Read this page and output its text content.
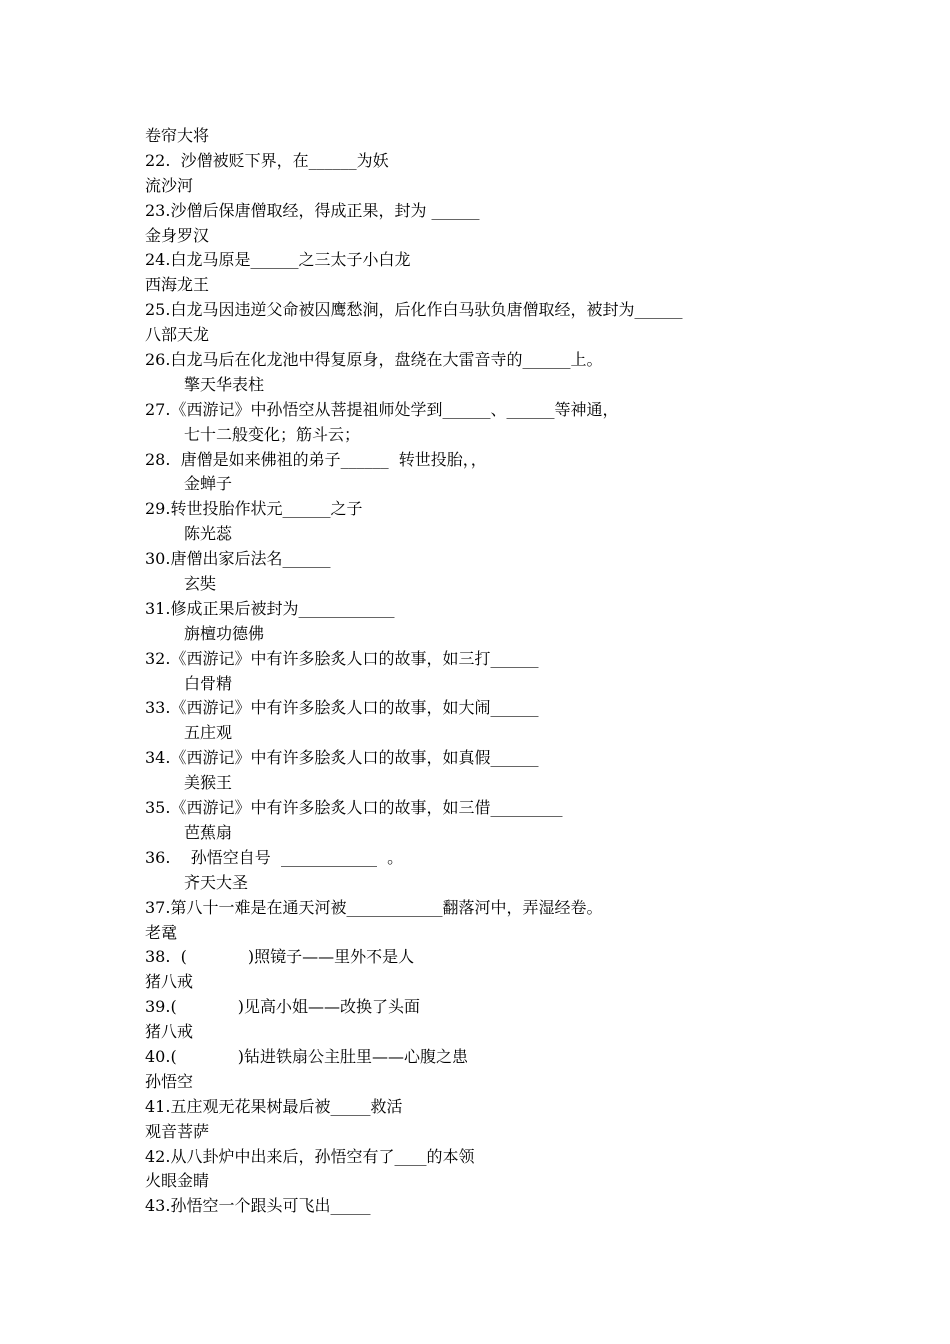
卷帘大将
22.  沙僧被贬下界，在______为妖
流沙河
23.沙僧后保唐僧取经，得成正果，封为 ______
金身罗汉
24.白龙马原是______之三太子小白龙
西海龙王
25.白龙马因违逆父命被囚鹰愁涧，后化作白马驮负唐僧取经，被封为______
八部天龙
26.白龙马后在化龙池中得复原身，盘绕在大雷音寺的______上。
擎天华表柱
27.《西游记》中孙悟空从菩提祖师处学到______、______等神通，
七十二般变化；筋斗云；
28.  唐僧是如来佛祖的弟子______  转世投胎，，
金蝉子
29.转世投胎作状元______之子
陈光蕊
30.唐僧出家后法名______
玄奘
31.修成正果后被封为____________
旃檀功德佛
32.《西游记》中有许多脍炙人口的故事，如三打______
白骨精
33.《西游记》中有许多脍炙人口的故事，如大闹______
五庄观
34.《西游记》中有许多脍炙人口的故事，如真假______
美猴王
35.《西游记》中有许多脍炙人口的故事，如三借_________
芭蕉扇
36.    孙悟空自号  ____________  。
齐天大圣
37.第八十一难是在通天河被____________翻落河中，弄湿经卷。
老鼋
38.  (            )照镜子——里外不是人
猪八戒
39.(            )见高小姐——改换了头面
猪八戒
40.(            )钻进铁扇公主肚里——心腹之患
孙悟空
41.五庄观无花果树最后被_____救活
观音菩萨
42.从八卦炉中出来后，孙悟空有了____的本领
火眼金睛
43.孙悟空一个跟头可飞出_____
